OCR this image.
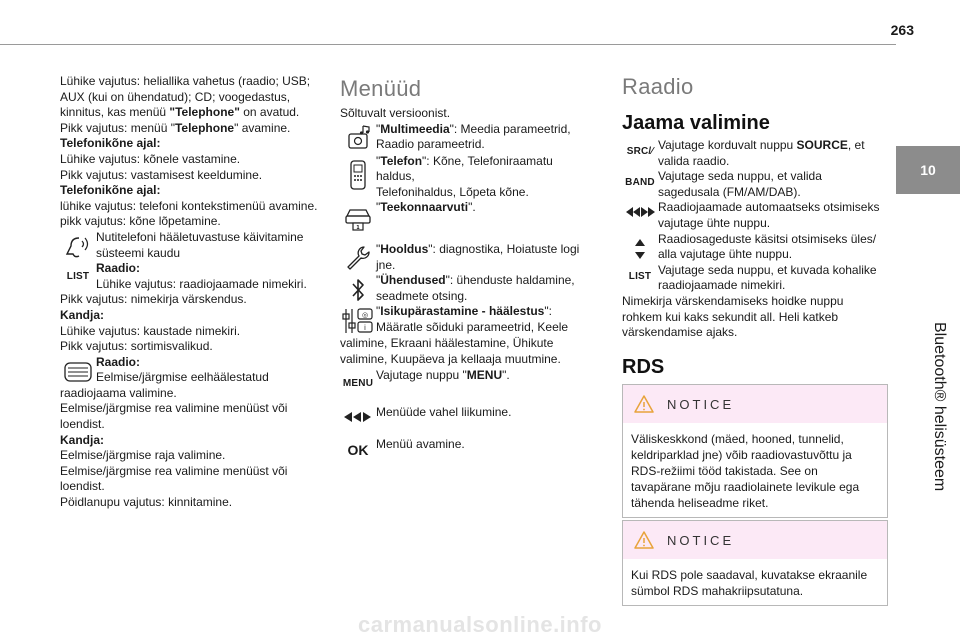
263
10
Bluetooth® helisüsteem

Lühike vajutus: heliallika vahetus (raadio; USB;

AUX (kui on ühendatud); CD; voogedastus,

kinnitus, kas menüü "Telephone" on avatud.

Pikk vajutus: menüü "Telephone" avamine.

Telefonikõne ajal:

Lühike vajutus: kõnele vastamine.

Pikk vajutus: vastamisest keeldumine.

Telefonikõne ajal:

lühike vajutus: telefoni kontekstimenüü avamine.

pikk vajutus: kõne lõpetamine.

Nutitelefoni hääletuvastuse käivitamine

süsteemi kaudu

LIST

Raadio:

Lühike vajutus: raadiojaamade nimekiri.

Pikk vajutus: nimekirja värskendus.

Kandja:

Lühike vajutus: kaustade nimekiri.

Pikk vajutus: sortimisvalikud.

Raadio:

Eelmise/järgmise eelhäälestatud

raadiojaama valimine.

Eelmise/järgmise rea valimine menüüst või

loendist.

Kandja:

Eelmise/järgmise raja valimine.

Eelmise/järgmise rea valimine menüüst või

loendist.

Pöidlanupu vajutus: kinnitamine.

Menüüd

Sõltuvalt versioonist.

"Multimeedia": Meedia parameetrid,

Raadio parameetrid.

"Telefon": Kõne, Telefoniraamatu haldus,

Telefonihaldus, Lõpeta kõne.

"Teekonnaarvuti".

1

"Hooldus": diagnostika, Hoiatuste logi

jne.

"Ühendused": ühenduste haldamine,

seadmete otsing.

◎
i

"Isikupärastamine - häälestus":

Määratle sõiduki parameetrid, Keele

valimine, Ekraani häälestamine, Ühikute

valimine, Kuupäeva ja kellaaja muutmine.

MENU

Vajutage nuppu "MENU".

Menüüde vahel liikumine.

OK Menüü avamine.

Raadio
Jaama valimine
SRC /∕ Vajutage korduvalt nuppu SOURCE, et

valida raadio.

BAND Vajutage seda nuppu, et valida

sagedusala (FM/AM/DAB).

Raadiojaamade automaatseks otsimiseks

vajutage ühte nuppu.

Raadiosageduste käsitsi otsimiseks üles/

alla vajutage ühte nuppu.

LIST Vajutage seda nuppu, et kuvada kohalike

raadiojaamade nimekiri.

Nimekirja värskendamiseks hoidke nuppu

rohkem kui kaks sekundit all. Heli katkeb

värskendamise ajaks.

RDS
NOTICE
Väliskeskkond (mäed, hooned, tunnelid,
keldriparklad jne) võib raadiovastuvõttu ja
RDS-režiimi tööd takistada. See on
tavapärane mõju raadiolainete levikule ega
tähenda heliseadme riket.
NOTICE
Kui RDS pole saadaval, kuvatakse ekraanile
sümbol RDS mahakriipsutatuna.
carmanualsonline.info
